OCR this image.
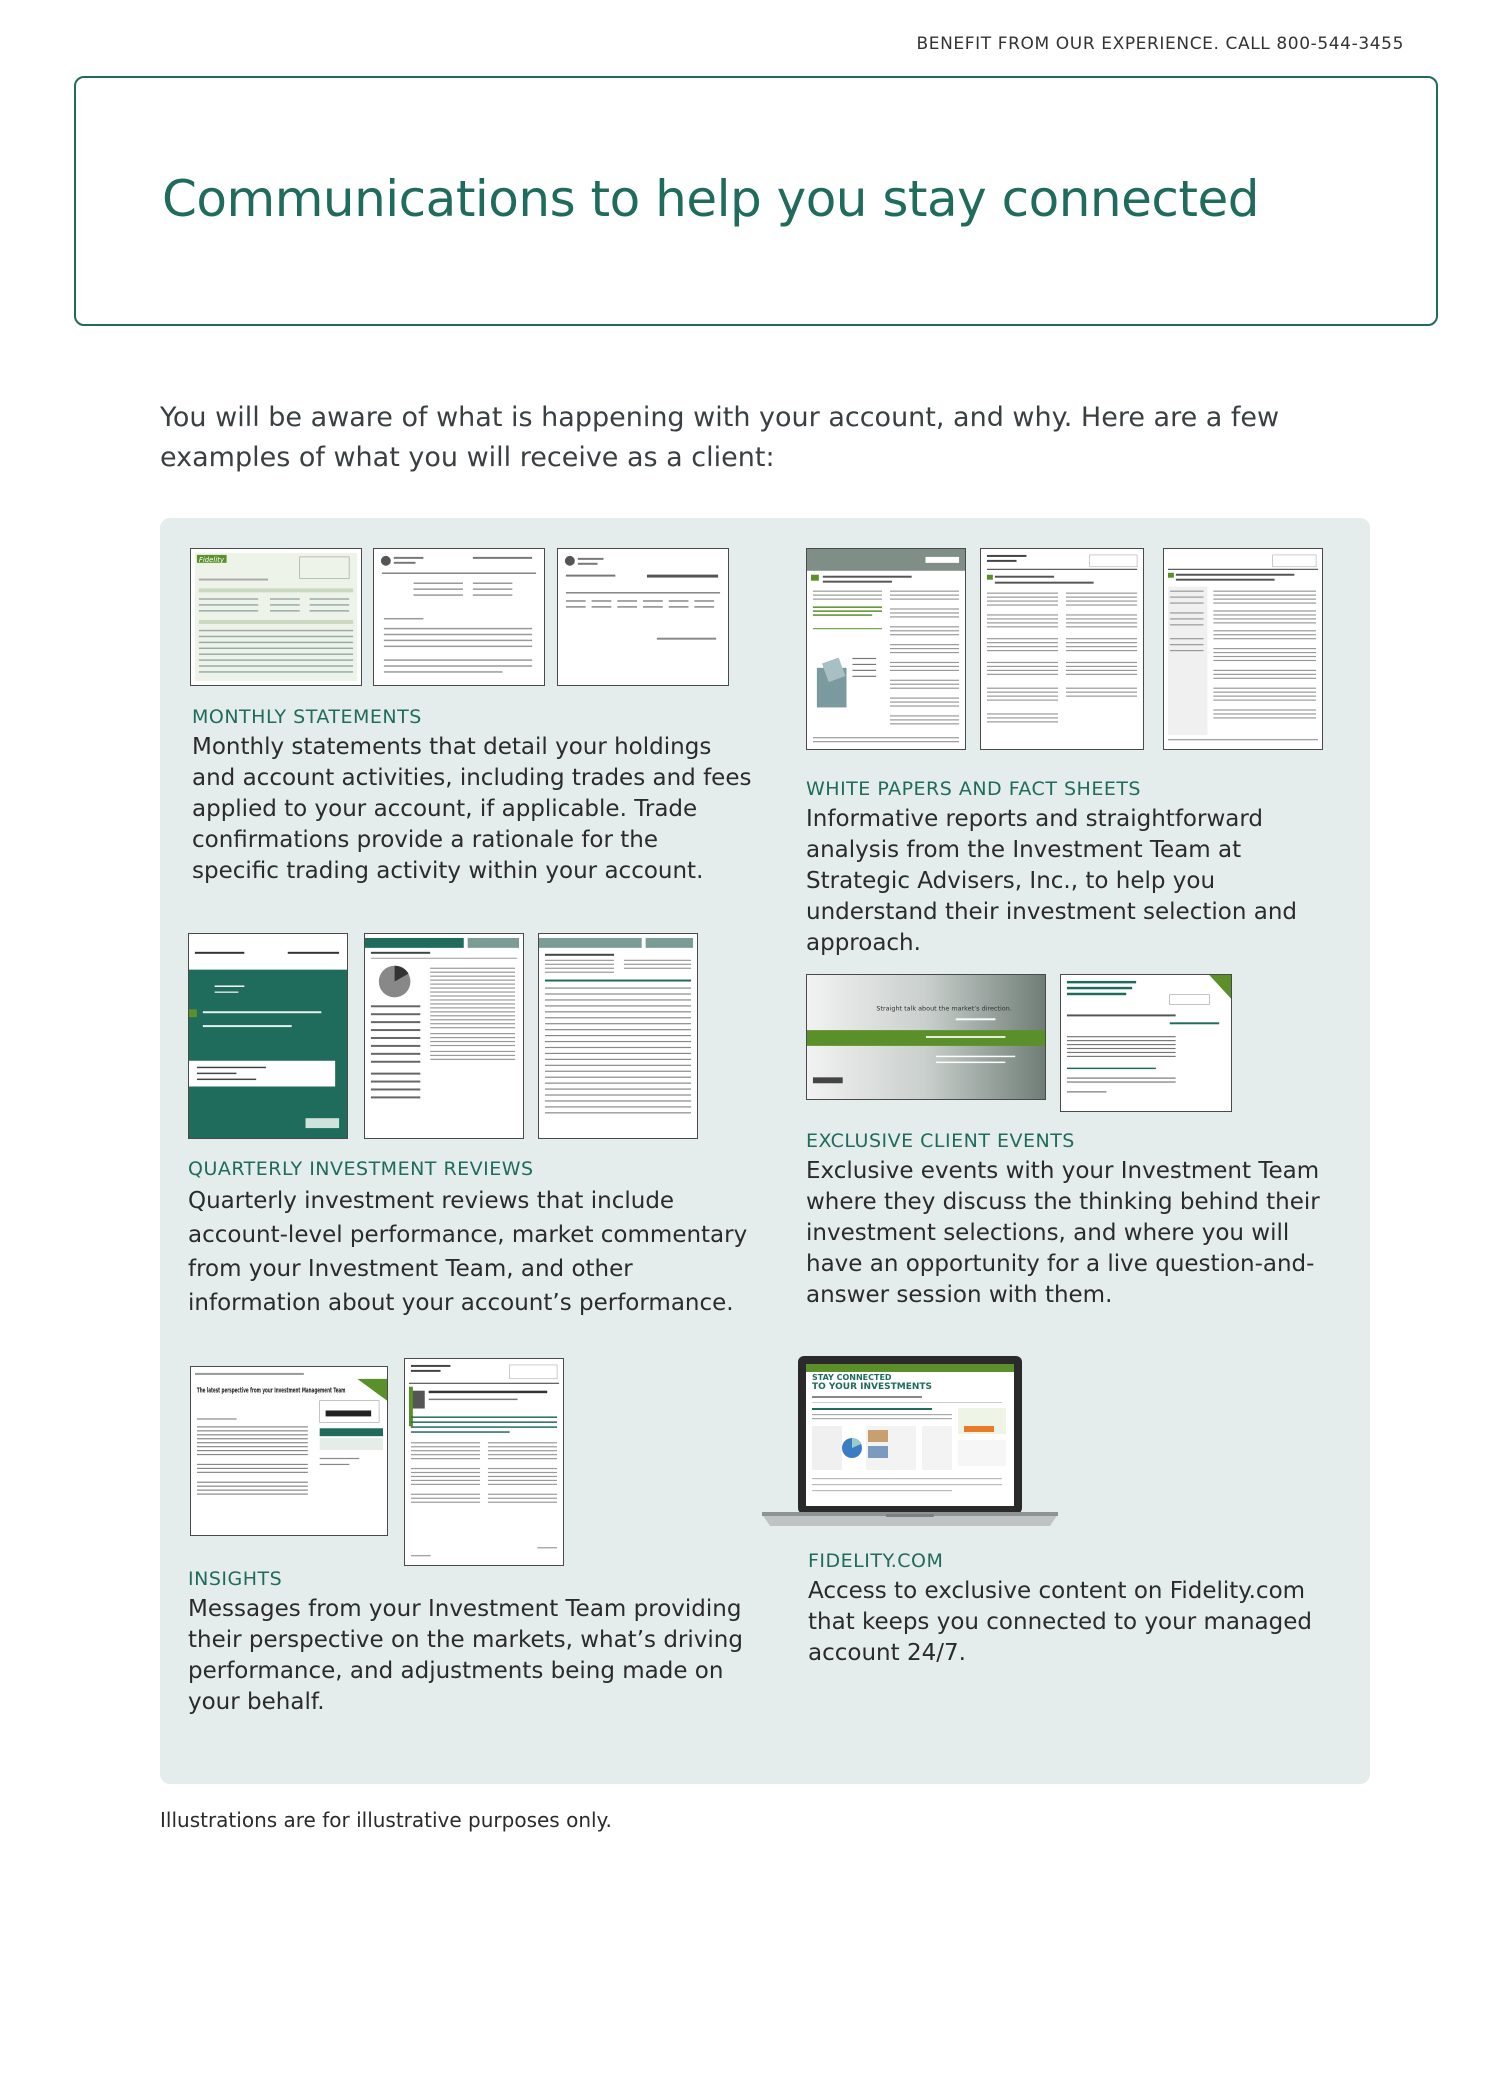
BENEFIT FROM OUR EXPERIENCE. CALL 800-544-3455
Communications to help you stay connected

You will be aware of what is happening with your account, and why. Here are a few examples of what you will receive as a client:

Fidelity
MONTHLY STATEMENTS

Monthly statements that detail your holdings and account activities, including trades and fees applied to your account, if applicable. Trade confirmations provide a rationale for the specific trading activity within your account.

WHITE PAPERS AND FACT SHEETS

Informative reports and straightforward analysis from the Investment Team at Strategic Advisers, Inc., to help you understand their investment selection and approach.

QUARTERLY INVESTMENT REVIEWS

Quarterly investment reviews that include account-level performance, market commentary from your Investment Team, and other information about your account’s performance.

Straight talk about the market’s direction.
EXCLUSIVE CLIENT EVENTS

Exclusive events with your Investment Team where they discuss the thinking behind their investment selections, and where you will have an opportunity for a live question-and-answer session with them.

The latest perspective from your Investment Management Team
INSIGHTS

Messages from your Investment Team providing their perspective on the markets, what’s driving performance, and adjustments being made on your behalf.

STAY CONNECTED
TO YOUR INVESTMENTS
FIDELITY.COM

Access to exclusive content on Fidelity.com that keeps you connected to your managed account 24/7.

Illustrations are for illustrative purposes only.
